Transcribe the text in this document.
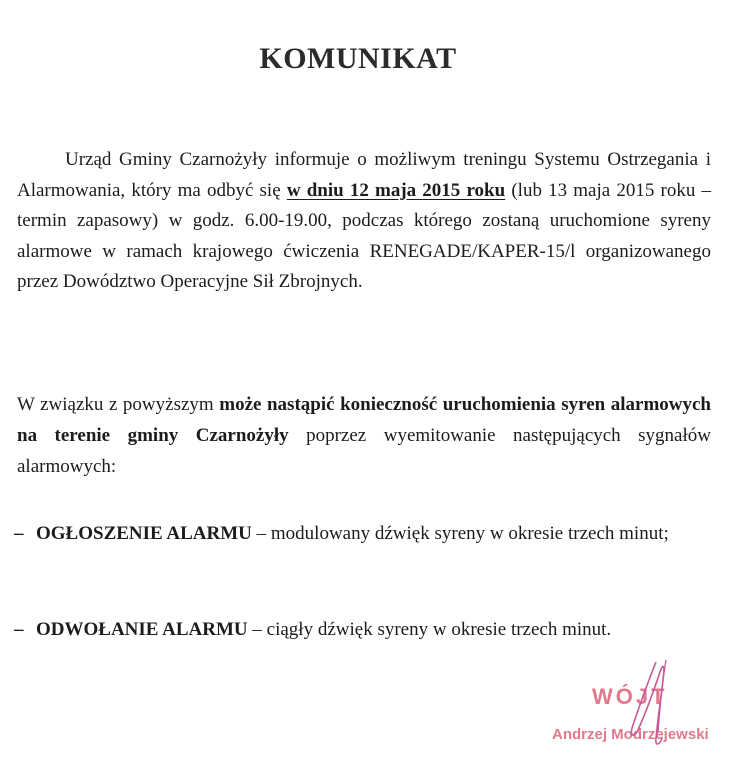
KOMUNIKAT
Urząd Gminy Czarnożyły informuje o możliwym treningu Systemu Ostrzegania i Alarmowania, który ma odbyć się w dniu 12 maja 2015 roku (lub 13 maja 2015 roku – termin zapasowy) w godz. 6.00-19.00, podczas którego zostaną uruchomione syreny alarmowe w ramach krajowego ćwiczenia RENEGADE/KAPER-15/l organizowanego przez Dowództwo Operacyjne Sił Zbrojnych.
W związku z powyższym może nastąpić konieczność uruchomienia syren alarmowych na terenie gminy Czarnożyły poprzez wyemitowanie następujących sygnałów alarmowych:
– OGŁOSZENIE ALARMU – modulowany dźwięk syreny w okresie trzech minut;
– ODWOŁANIE ALARMU – ciągły dźwięk syreny w okresie trzech minut.
WÓJT
Andrzej Modrzejewski
